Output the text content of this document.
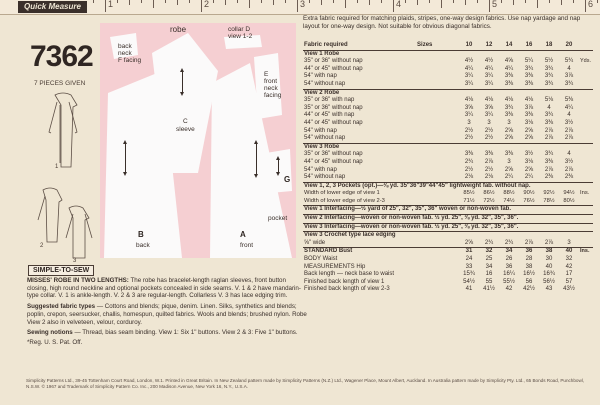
Quick Measure	1	2	3	4	5	6
7362
7 PIECES GIVEN
1
2
3
SIMPLE-TO-SEW
robe
back
neck
F facing
collar D
view 1-2
C
sleeve
E
front
neck
facing
G
pocket
B
back
A
front
MISSES' ROBE IN TWO LENGTHS: The robe has bracelet-length raglan sleeves, front button closing, high round neckline and optional pockets concealed in side seams. V. 1 & 2 have mandarin-type collar. V. 1 is ankle-length. V. 2 & 3 are regular-length. Collarless V. 3 has lace edging trim.
Suggested fabric types — Cottons and blends; pique, denim. Linen. Silks, synthetics and blends; poplin, crepon, seersucker, challis, homespun, quilted fabrics. Wools and blends; brushed nylon. Robe View 2 also in velveteen, velour, corduroy.
Sewing notions — Thread, bias seam binding. View 1: Six 1" buttons. View 2 & 3: Five 1" buttons.
*Reg. U. S. Pat. Off.
Simplicity Patterns Ltd., 39-45 Tottenham Court Road, London, W.1. Printed in Great Britain. In New Zealand pattern made by Simplicity Patterns (N.Z.) Ltd., Wagener Place, Mount Albert, Auckland. In Australia pattern made by Simplicity Pty. Ltd., 65 Bonds Road, Punchbowl, N.S.W. © 1967 and Trademark of Simplicity Pattern Co. Inc., 200 Madison Avenue, New York 16, N.Y., U.S.A.
Extra fabric required for matching plaids, stripes, one-way design fabrics. Use nap yardage and nap layout for one-way design. Not suitable for obvious diagonal fabrics.
Fabric required	Sizes	10	12	14	16	18	20	
View 1 Robe								
35" or 36" without nap		4½	4½	4⅝	5¼	5½	5¾	Yds.
44" or 45" without nap		4¼	4¼	4¼	3¾	3¾	4	
54" with nap		3¼	3¼	3⅜	3⅜	3¾	3⅞	
54" without nap		3¼	3¼	3⅜	3⅜	3¾	3¾	
View 2 Robe								
35" or 36" with nap		4⅛	4⅛	4⅛	4⅛	5⅛	5⅜	
35" or 36" without nap		3⅝	3⅝	3¾	3⅞	4	4¼	
44" or 45" with nap		3¼	3¼	3⅜	3⅜	3¾	4	
44" or 45" without nap		3	3	3	3⅛	3⅜	3½	
54" with nap		2½	2½	2⅝	2⅝	2⅞	2⅞	
54" without nap		2½	2½	2⅝	2⅝	2⅞	2⅞	
View 3 Robe								
35" or 36" without nap		3⅜	3⅜	3⅜	3½	3¾	4	
44" or 45" without nap		2¾	2⅞	3	3⅛	3⅜	3½	
54" with nap		2½	2½	2⅝	2⅝	2⅞	2⅞	
54" without nap		2⅛	2⅛	2¼	2¼	2⅜	2⅜	
View 1, 2, 3 Pockets (opt.)—⅜ yd. 35"36"39"44"45" lightweight fab. without nap.								
Width of lower edge of view 1		85½	86½	88½	90½	92½	94½	Ins.
Width of lower edge of view 2-3		71½	72½	74½	76½	78½	80½	
View 1 Interfacing—½ yard of 25", 32", 35", 36" woven or non-woven fab.								
View 2 Interfacing—woven or non-woven fab. ½ yd. 25", ⅜ yd. 32", 35", 36".								
View 3 Interfacing—woven or non-woven fab. ½ yd. 25", ⅜ yd. 32", 35", 36".								
View 3 Crochet type lace edging								
⅝" wide		2⅝	2¾	2¾	2⅞	2⅞	3	
STANDARD Bust		31	32	34	36	38	40	Ins.
BODY Waist		24	25	26	28	30	32	
MEASUREMENTS Hip		33	34	36	38	40	42	
Back length — neck base to waist		15¾	16	16¼	16½	16¾	17	
Finished back length of view 1		54½	55	55½	56	56½	57	
Finished back length of view 2-3		41	41½	42	42½	43	43½	
